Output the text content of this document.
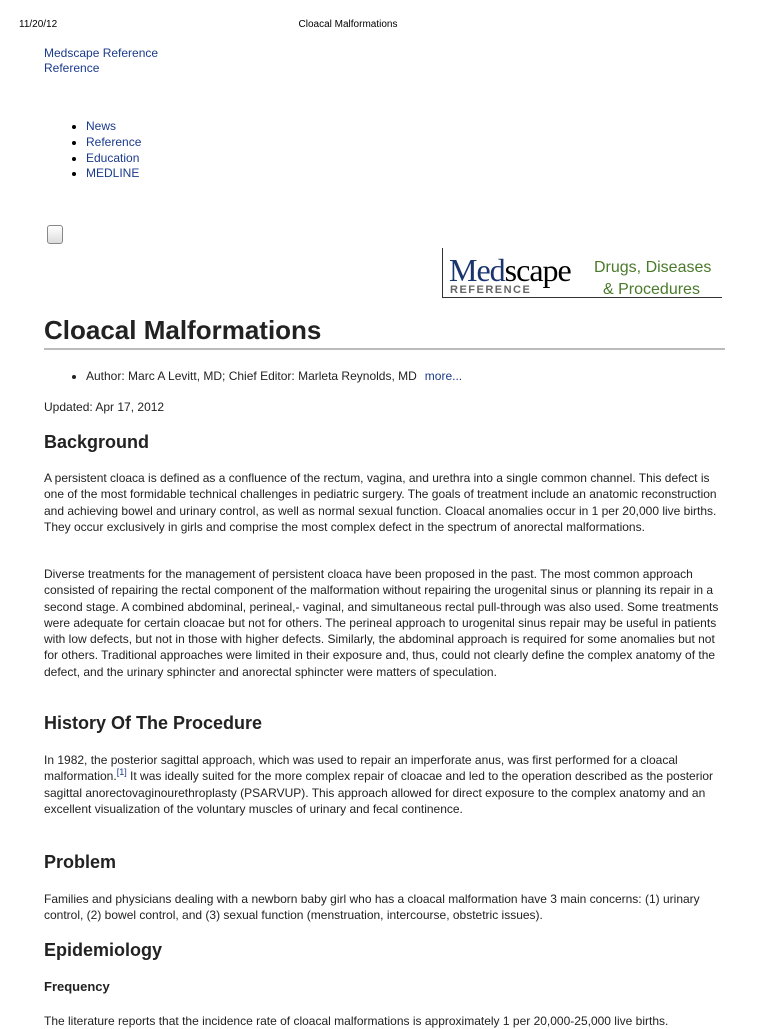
11/20/12	Cloacal Malformations
Medscape Reference
Reference
• News
• Reference
• Education
• MEDLINE
Medscape
REFERENCE
Drugs, Diseases
& Procedures
Cloacal Malformations
• Author: Marc A Levitt, MD; Chief Editor: Marleta Reynolds, MD more...
Updated: Apr 17, 2012
Background

A persistent cloaca is defined as a confluence of the rectum, vagina, and urethra into a single common channel. This defect is one of the most formidable technical challenges in pediatric surgery. The goals of treatment include an anatomic reconstruction and achieving bowel and urinary control, as well as normal sexual function. Cloacal anomalies occur in 1 per 20,000 live births. They occur exclusively in girls and comprise the most complex defect in the spectrum of anorectal malformations.

Diverse treatments for the management of persistent cloaca have been proposed in the past. The most common approach consisted of repairing the rectal component of the malformation without repairing the urogenital sinus or planning its repair in a second stage. A combined abdominal, perineal,- vaginal, and simultaneous rectal pull-through was also used. Some treatments were adequate for certain cloacae but not for others. The perineal approach to urogenital sinus repair may be useful in patients with low defects, but not in those with higher defects. Similarly, the abdominal approach is required for some anomalies but not for others. Traditional approaches were limited in their exposure and, thus, could not clearly define the complex anatomy of the defect, and the urinary sphincter and anorectal sphincter were matters of speculation.

History Of The Procedure

In 1982, the posterior sagittal approach, which was used to repair an imperforate anus, was first performed for a cloacal malformation.[1] It was ideally suited for the more complex repair of cloacae and led to the operation described as the posterior sagittal anorectovaginourethroplasty (PSARVUP). This approach allowed for direct exposure to the complex anatomy and an excellent visualization of the voluntary muscles of urinary and fecal continence.

Problem

Families and physicians dealing with a newborn baby girl who has a cloacal malformation have 3 main concerns: (1) urinary control, (2) bowel control, and (3) sexual function (menstruation, intercourse, obstetric issues).

Epidemiology
Frequency

The literature reports that the incidence rate of cloacal malformations is approximately 1 per 20,000-25,000 live births.
